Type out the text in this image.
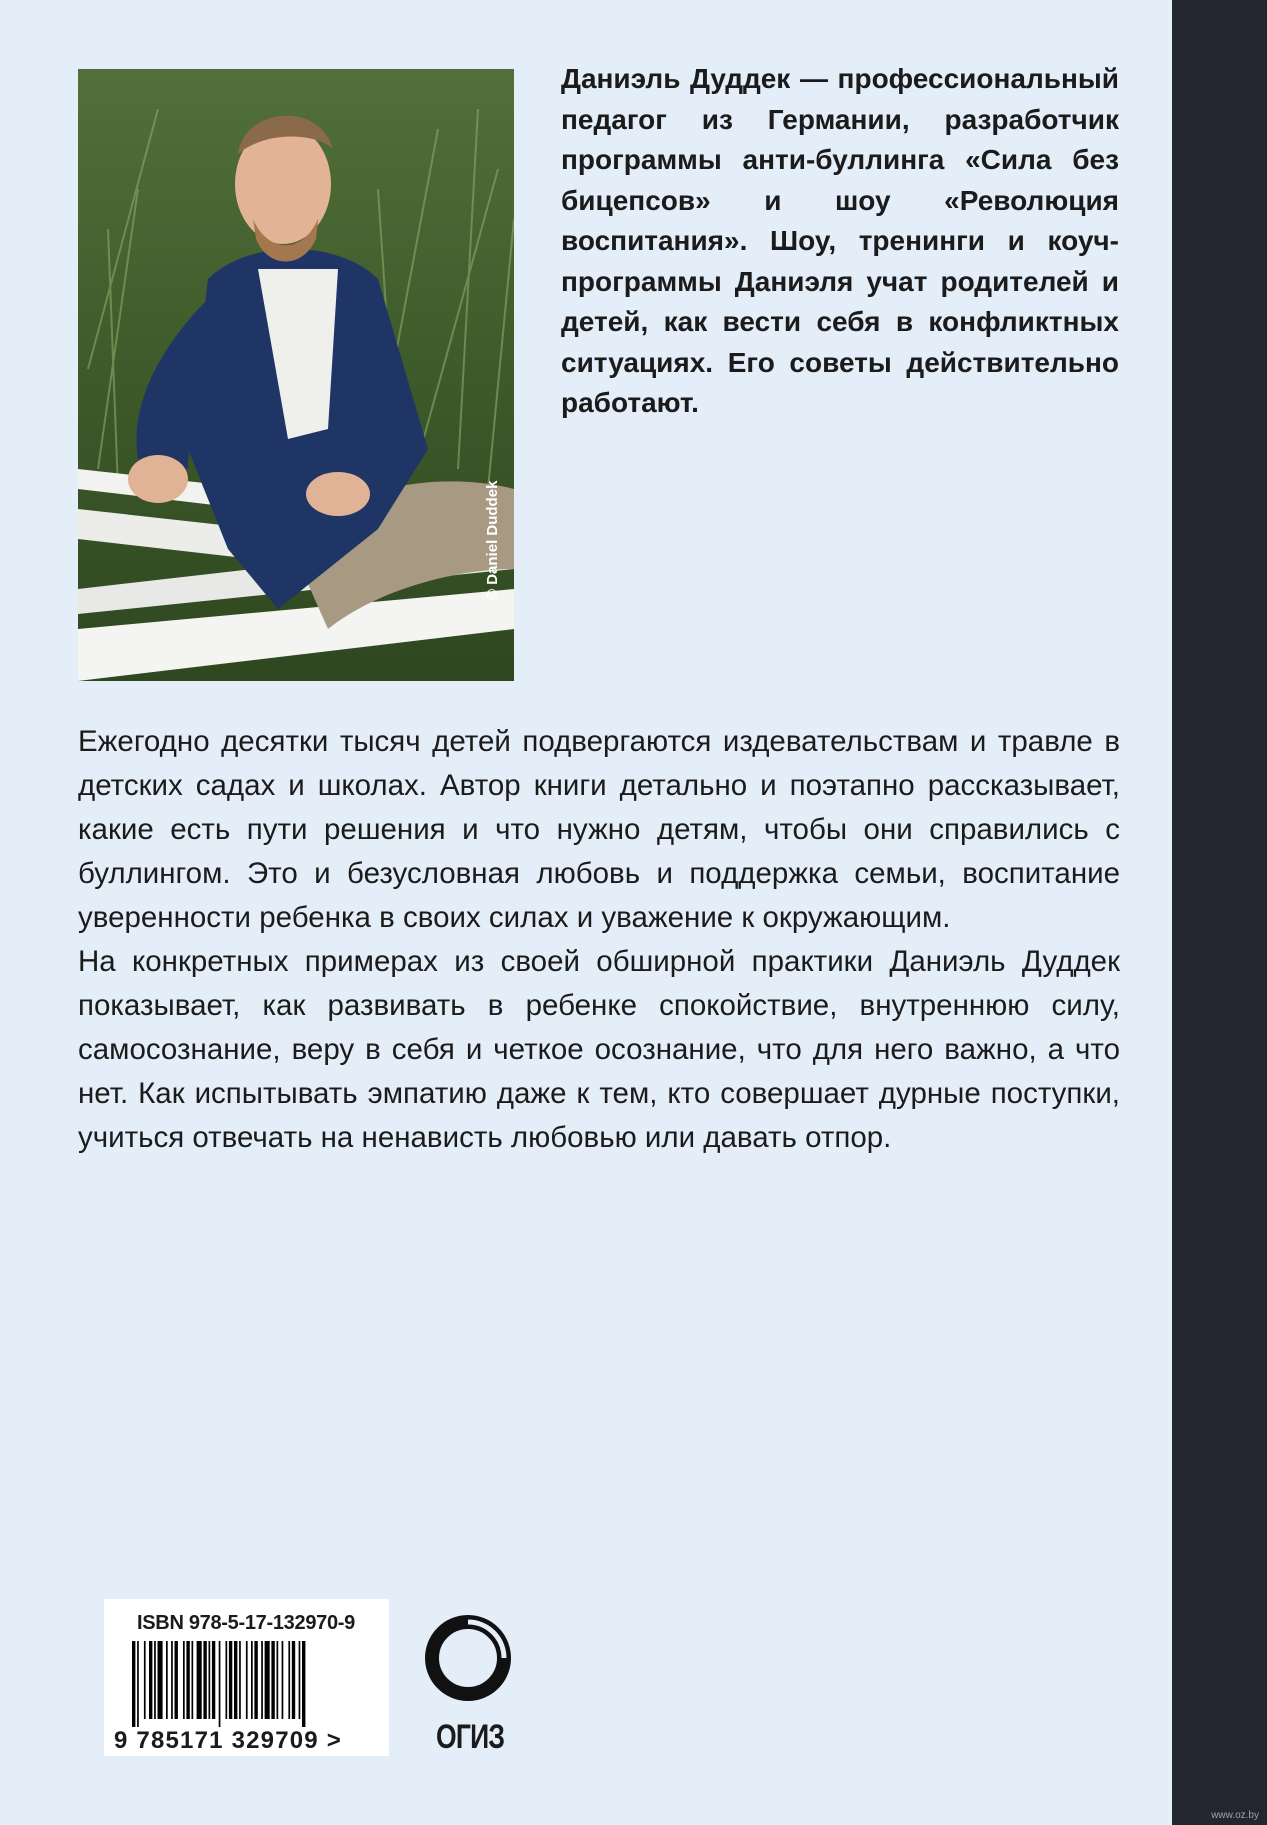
© Daniel Duddek

Даниэль Дуддек — профессиональный педагог из Германии, разработчик программы анти-буллинга «Сила без бицепсов» и шоу «Революция воспитания». Шоу, тренинги и коуч-программы Даниэля учат родителей и детей, как вести себя в конфликтных ситуациях. Его советы действительно работают.

Ежегодно десятки тысяч детей подвергаются издевательствам и травле в детских садах и школах. Автор книги детально и поэтапно рассказывает, какие есть пути решения и что нужно детям, чтобы они справились с буллингом. Это и безусловная любовь и поддержка семьи, воспитание уверенности ребенка в своих силах и уважение к окружающим.

На конкретных примерах из своей обширной практики Даниэль Дуддек показывает, как развивать в ребенке спокойствие, внутреннюю силу, самосознание, веру в себя и четкое осознание, что для него важно, а что нет. Как испытывать эмпатию даже к тем, кто совершает дурные поступки, учиться отвечать на ненависть любовью или давать отпор.

ISBN 978-5-17-132970-9
9 785171 329709 >	ОГИЗ
www.oz.by
